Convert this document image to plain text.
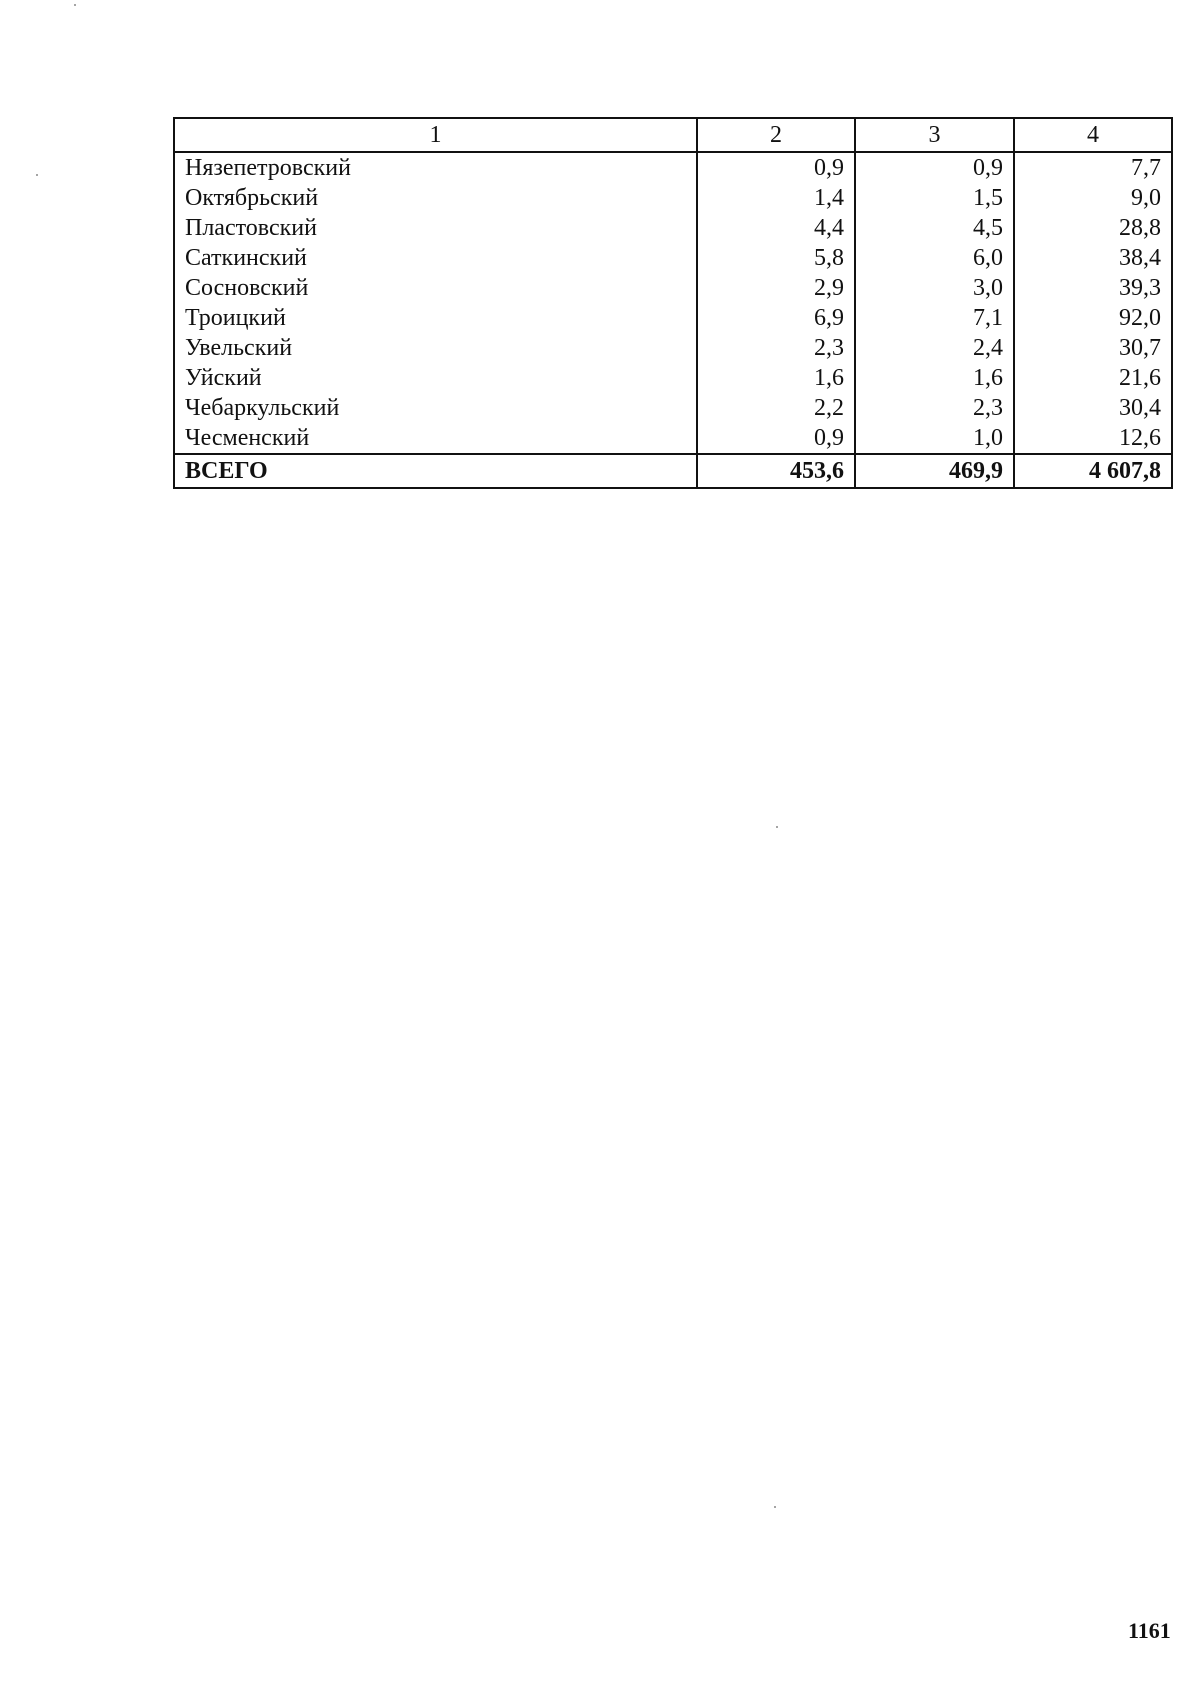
1	2	3	4
Нязепетровский	0,9	0,9	7,7
Октябрьский	1,4	1,5	9,0
Пластовский	4,4	4,5	28,8
Саткинский	5,8	6,0	38,4
Сосновский	2,9	3,0	39,3
Троицкий	6,9	7,1	92,0
Увельский	2,3	2,4	30,7
Уйский	1,6	1,6	21,6
Чебаркульский	2,2	2,3	30,4
Чесменский	0,9	1,0	12,6
ВСЕГО	453,6	469,9	4 607,8
1161
